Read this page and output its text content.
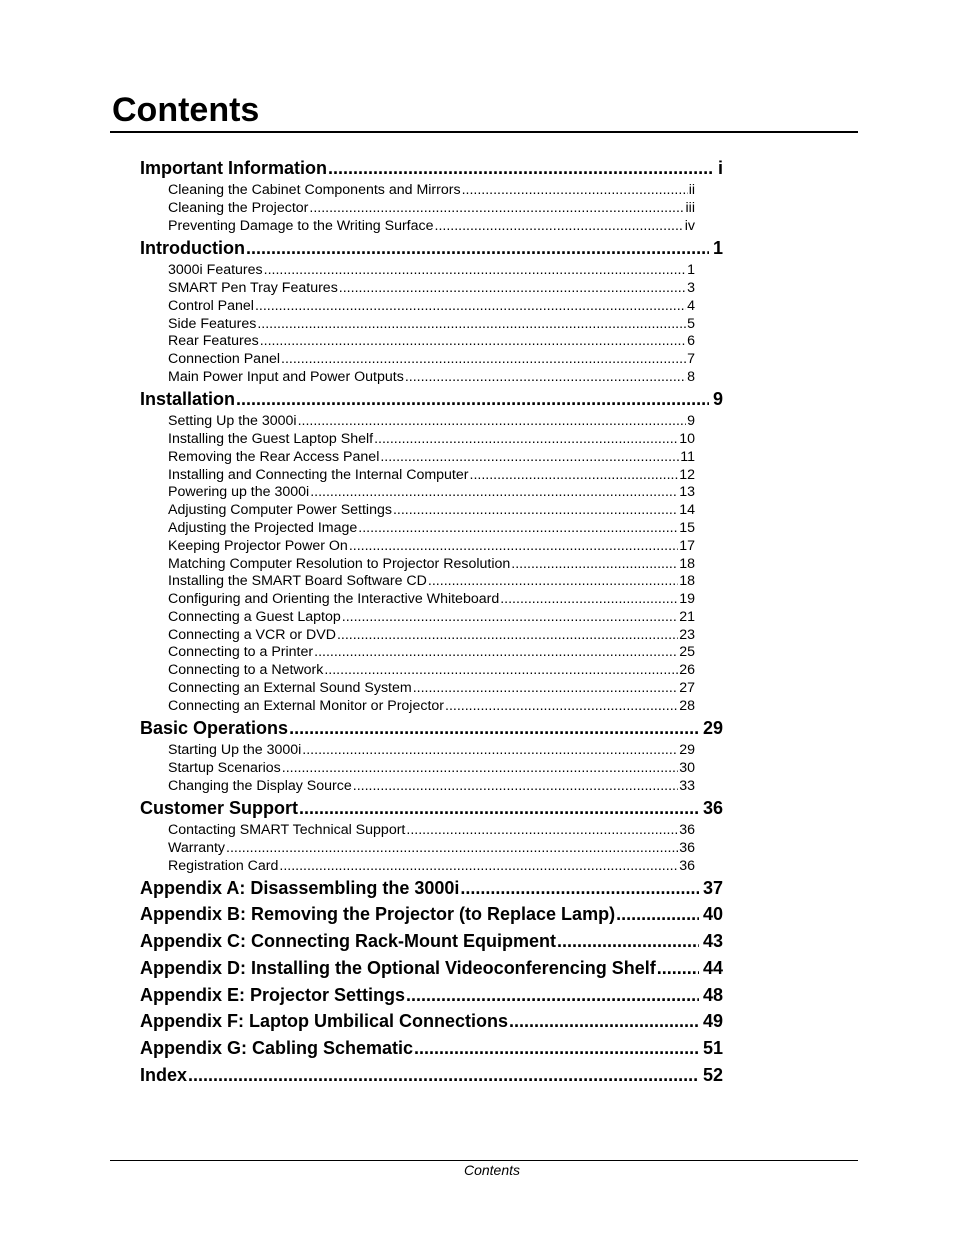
Contents
Important Information .....	i
Cleaning the Cabinet Components and Mirrors .....	ii
Cleaning the Projector .....	iii
Preventing Damage to the Writing Surface .....	iv
Introduction .....	1
3000i Features .....	1
SMART Pen Tray Features .....	3
Control Panel .....	4
Side Features .....	5
Rear Features .....	6
Connection Panel .....	7
Main Power Input and Power Outputs .....	8
Installation .....	9
Setting Up the 3000i .....	9
Installing the Guest Laptop Shelf .....	10
Removing the Rear Access Panel .....	11
Installing and Connecting the Internal Computer .....	12
Powering up the 3000i .....	13
Adjusting Computer Power Settings .....	14
Adjusting the Projected Image .....	15
Keeping Projector Power On .....	17
Matching Computer Resolution to Projector Resolution .....	18
Installing the SMART Board Software CD .....	18
Configuring and Orienting the Interactive Whiteboard .....	19
Connecting a Guest Laptop .....	21
Connecting a VCR or DVD .....	23
Connecting to a Printer .....	25
Connecting to a Network .....	26
Connecting an External Sound System .....	27
Connecting an External Monitor or Projector .....	28
Basic Operations .....	29
Starting Up the 3000i .....	29
Startup Scenarios .....	30
Changing the Display Source .....	33
Customer Support .....	36
Contacting SMART Technical Support .....	36
Warranty .....	36
Registration Card .....	36
Appendix A: Disassembling the 3000i .....	37
Appendix B: Removing the Projector (to Replace Lamp) .....	40
Appendix C: Connecting Rack-Mount Equipment .....	43
Appendix D: Installing the Optional Videoconferencing Shelf .....	44
Appendix E: Projector Settings .....	48
Appendix F: Laptop Umbilical Connections .....	49
Appendix G: Cabling Schematic .....	51
Index .....	52
Contents
